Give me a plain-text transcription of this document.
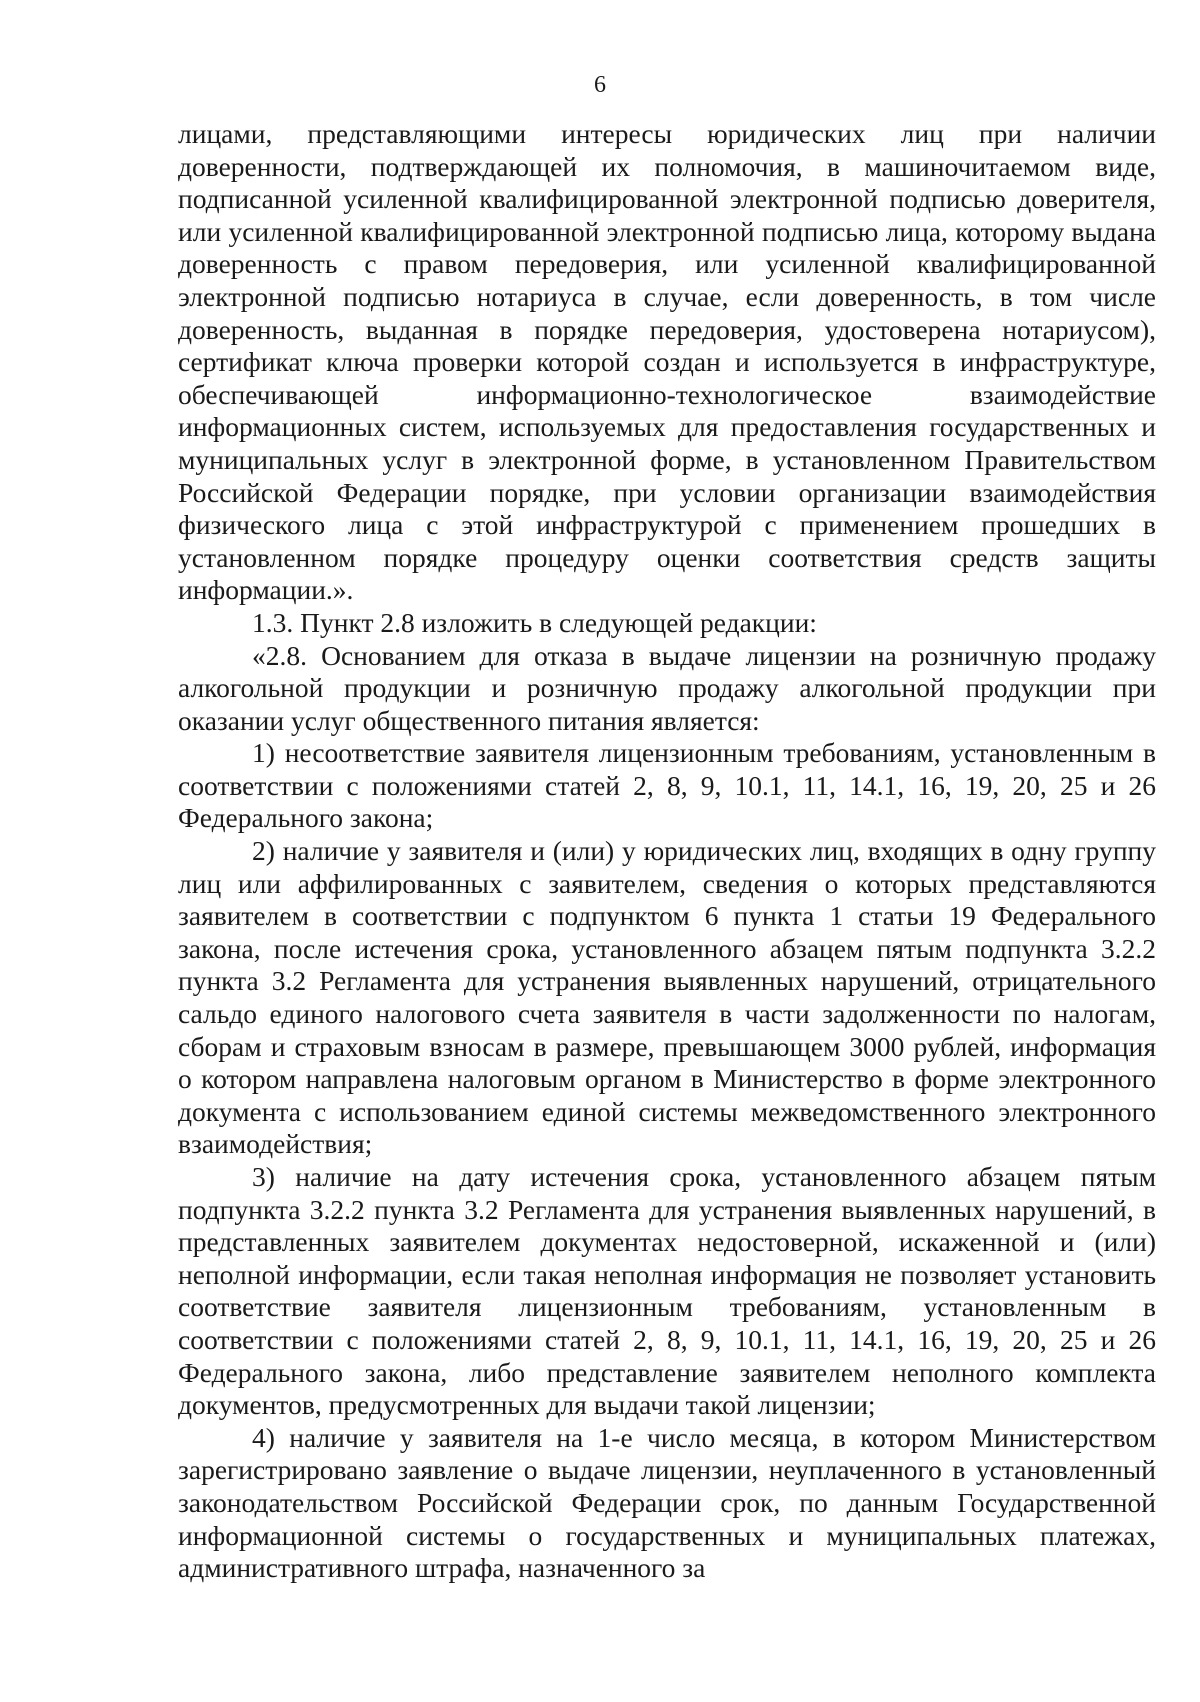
6

лицами, представляющими интересы юридических лиц при наличии доверенности, подтверждающей их полномочия, в машиночитаемом виде, подписанной усиленной квалифицированной электронной подписью доверителя, или усиленной квалифицированной электронной подписью лица, которому выдана доверенность с правом передоверия, или усиленной квалифицированной электронной подписью нотариуса в случае, если доверенность, в том числе доверенность, выданная в порядке передоверия, удостоверена нотариусом), сертификат ключа проверки которой создан и используется в инфраструктуре, обеспечивающей информационно-технологическое взаимодействие информационных систем, используемых для предоставления государственных и муниципальных услуг в электронной форме, в установленном Правительством Российской Федерации порядке, при условии организации взаимодействия физического лица с этой инфраструктурой с применением прошедших в установленном порядке процедуру оценки соответствия средств защиты информации.».

1.3. Пункт 2.8 изложить в следующей редакции:

«2.8. Основанием для отказа в выдаче лицензии на розничную продажу алкогольной продукции и розничную продажу алкогольной продукции при оказании услуг общественного питания является:

1) несоответствие заявителя лицензионным требованиям, установленным в соответствии с положениями статей 2, 8, 9, 10.1, 11, 14.1, 16, 19, 20, 25 и 26 Федерального закона;

2) наличие у заявителя и (или) у юридических лиц, входящих в одну группу лиц или аффилированных с заявителем, сведения о которых представляются заявителем в соответствии с подпунктом 6 пункта 1 статьи 19 Федерального закона, после истечения срока, установленного абзацем пятым подпункта 3.2.2 пункта 3.2 Регламента для устранения выявленных нарушений, отрицательного сальдо единого налогового счета заявителя в части задолженности по налогам, сборам и страховым взносам в размере, превышающем 3000 рублей, информация о котором направлена налоговым органом в Министерство в форме электронного документа с использованием единой системы межведомственного электронного взаимодействия;

3) наличие на дату истечения срока, установленного абзацем пятым подпункта 3.2.2 пункта 3.2 Регламента для устранения выявленных нарушений, в представленных заявителем документах недостоверной, искаженной и (или) неполной информации, если такая неполная информация не позволяет установить соответствие заявителя лицензионным требованиям, установленным в соответствии с положениями статей 2, 8, 9, 10.1, 11, 14.1, 16, 19, 20, 25 и 26 Федерального закона, либо представление заявителем неполного комплекта документов, предусмотренных для выдачи такой лицензии;

4) наличие у заявителя на 1-е число месяца, в котором Министерством зарегистрировано заявление о выдаче лицензии, неуплаченного в установленный законодательством Российской Федерации срок, по данным Государственной информационной системы о государственных и муниципальных платежах, административного штрафа, назначенного за
